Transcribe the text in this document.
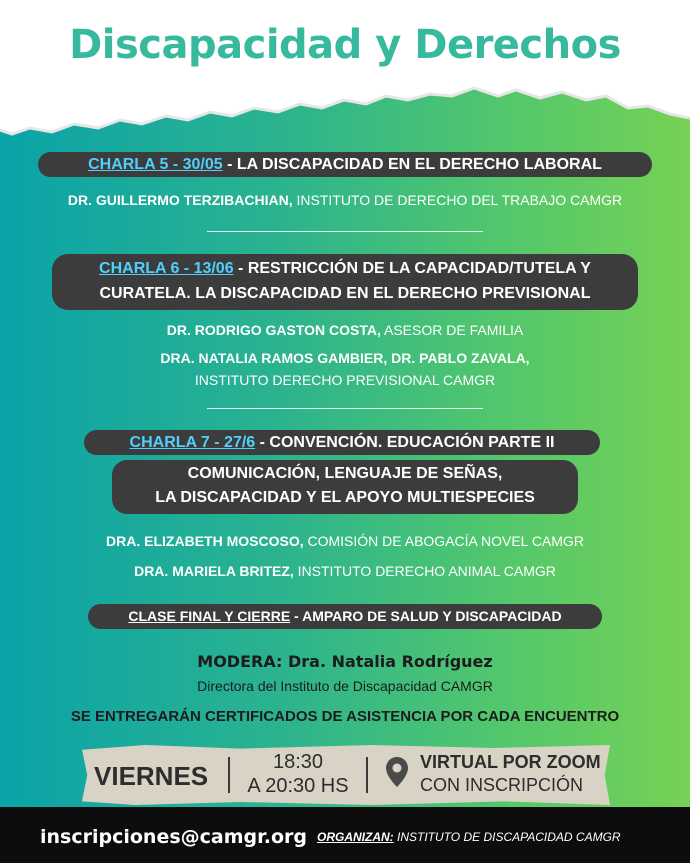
Discapacidad y Derechos
CHARLA 5 - 30/05 - LA DISCAPACIDAD EN EL DERECHO LABORAL
DR. GUILLERMO TERZIBACHIAN, INSTITUTO DE DERECHO DEL TRABAJO CAMGR
CHARLA 6 - 13/06 - RESTRICCIÓN DE LA CAPACIDAD/TUTELA Y
CURATELA. LA DISCAPACIDAD EN EL DERECHO PREVISIONAL
DR. RODRIGO GASTON COSTA, ASESOR DE FAMILIA
DRA. NATALIA RAMOS GAMBIER, DR. PABLO ZAVALA,
INSTITUTO DERECHO PREVISIONAL CAMGR
CHARLA 7 - 27/6 - CONVENCIÓN. EDUCACIÓN PARTE II
COMUNICACIÓN, LENGUAJE DE SEÑAS,
LA DISCAPACIDAD Y EL APOYO MULTIESPECIES
DRA. ELIZABETH MOSCOSO, COMISIÓN DE ABOGACÍA NOVEL CAMGR
DRA. MARIELA BRITEZ, INSTITUTO DERECHO ANIMAL CAMGR
CLASE FINAL Y CIERRE - AMPARO DE SALUD Y DISCAPACIDAD
MODERA: Dra. Natalia Rodríguez
Directora del Instituto de Discapacidad CAMGR
SE ENTREGARÁN CERTIFICADOS DE ASISTENCIA POR CADA ENCUENTRO
VIERNES	18:30
A 20:30 HS
VIRTUAL POR ZOOM
CON INSCRIPCIÓN
inscripciones@camgr.org ORGANIZAN: INSTITUTO DE DISCAPACIDAD CAMGR
